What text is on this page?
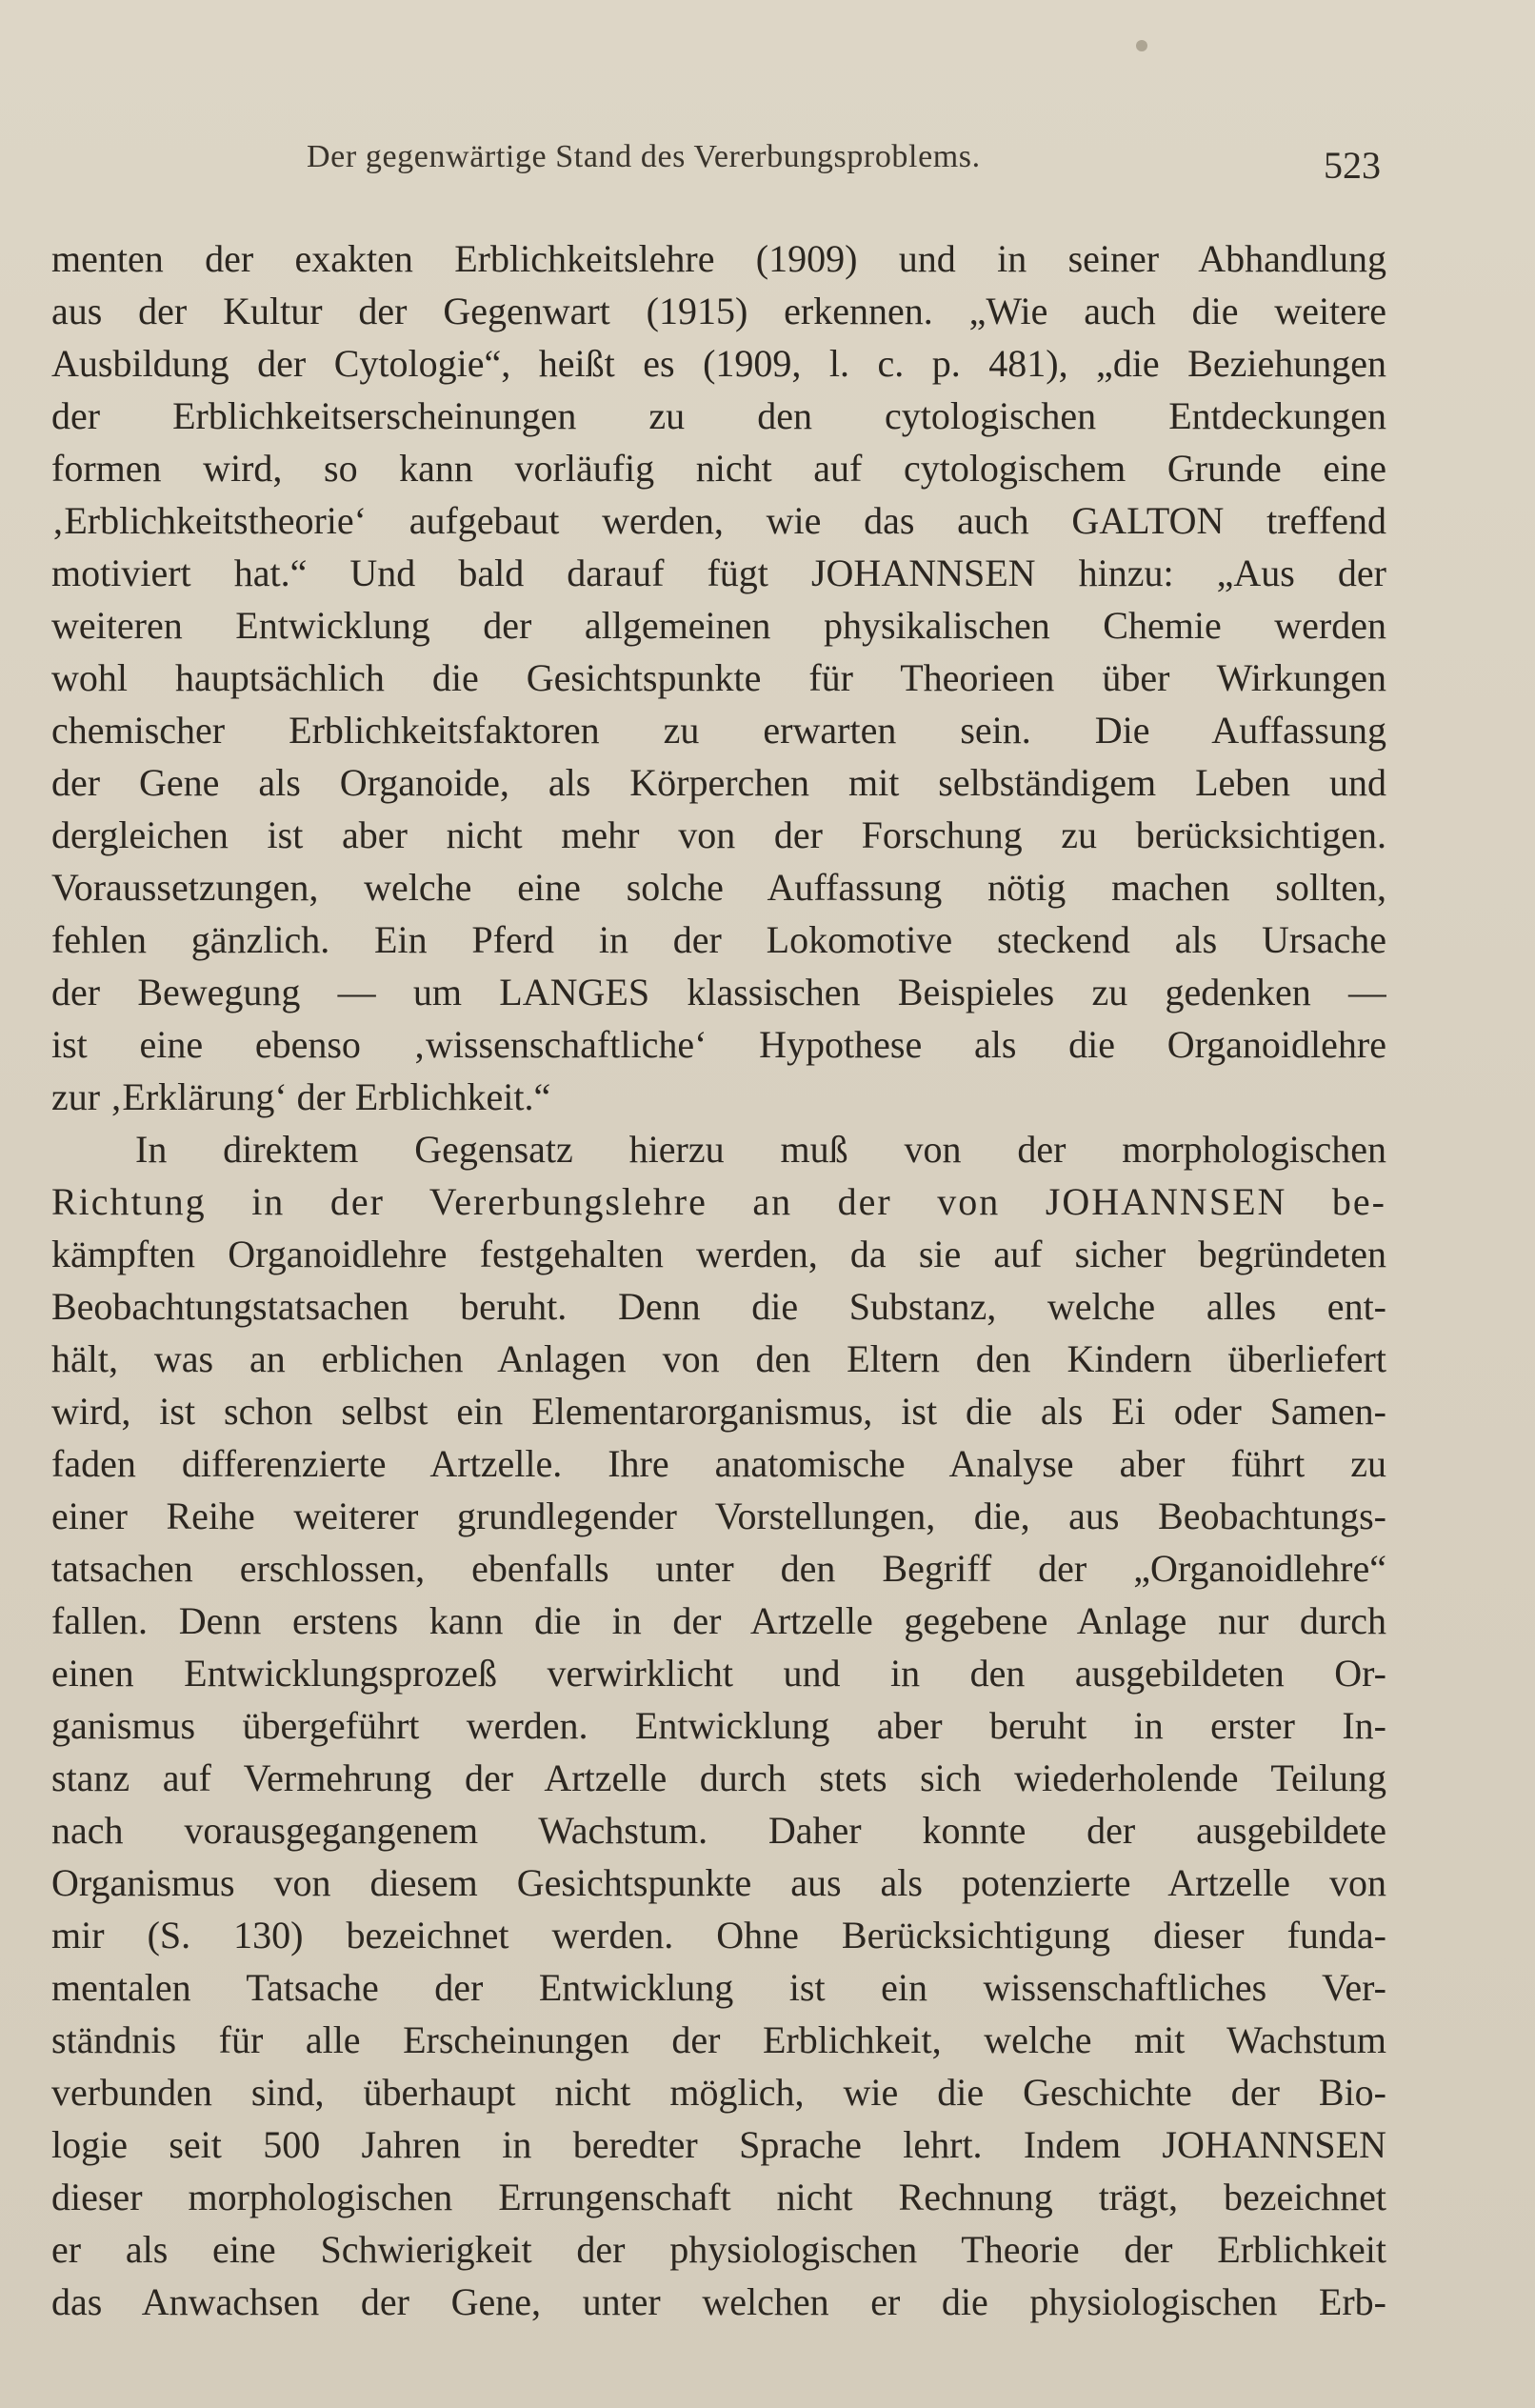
Der gegenwärtige Stand des Vererbungsproblems.	523
menten der exakten Erblichkeitslehre (1909) und in seiner Abhandlung
aus der Kultur der Gegenwart (1915) erkennen. „Wie auch die weitere
Ausbildung der Cytologie“, heißt es (1909, l. c. p. 481), „die Beziehungen
der Erblichkeitserscheinungen zu den cytologischen Entdeckungen
formen wird, so kann vorläufig nicht auf cytologischem Grunde eine
‚Erblichkeitstheorie‘ aufgebaut werden, wie das auch GALTON treffend
motiviert hat.“ Und bald darauf fügt JOHANNSEN hinzu: „Aus der
weiteren Entwicklung der allgemeinen physikalischen Chemie werden
wohl hauptsächlich die Gesichtspunkte für Theorieen über Wirkungen
chemischer Erblichkeitsfaktoren zu erwarten sein. Die Auffassung
der Gene als Organoide, als Körperchen mit selbständigem Leben und
dergleichen ist aber nicht mehr von der Forschung zu berücksichtigen.
Voraussetzungen, welche eine solche Auffassung nötig machen sollten,
fehlen gänzlich. Ein Pferd in der Lokomotive steckend als Ursache
der Bewegung — um LANGES klassischen Beispieles zu gedenken —
ist eine ebenso ‚wissenschaftliche‘ Hypothese als die Organoidlehre
zur ‚Erklärung‘ der Erblichkeit.“
In direktem Gegensatz hierzu muß von der morphologischen
Richtung in der Vererbungslehre an der von JOHANNSEN be-
kämpften Organoidlehre festgehalten werden, da sie auf sicher begründeten
Beobachtungstatsachen beruht. Denn die Substanz, welche alles ent-
hält, was an erblichen Anlagen von den Eltern den Kindern überliefert
wird, ist schon selbst ein Elementarorganismus, ist die als Ei oder Samen-
faden differenzierte Artzelle. Ihre anatomische Analyse aber führt zu
einer Reihe weiterer grundlegender Vorstellungen, die, aus Beobachtungs-
tatsachen erschlossen, ebenfalls unter den Begriff der „Organoidlehre“
fallen. Denn erstens kann die in der Artzelle gegebene Anlage nur durch
einen Entwicklungsprozeß verwirklicht und in den ausgebildeten Or-
ganismus übergeführt werden. Entwicklung aber beruht in erster In-
stanz auf Vermehrung der Artzelle durch stets sich wiederholende Teilung
nach vorausgegangenem Wachstum. Daher konnte der ausgebildete
Organismus von diesem Gesichtspunkte aus als potenzierte Artzelle von
mir (S. 130) bezeichnet werden. Ohne Berücksichtigung dieser funda-
mentalen Tatsache der Entwicklung ist ein wissenschaftliches Ver-
ständnis für alle Erscheinungen der Erblichkeit, welche mit Wachstum
verbunden sind, überhaupt nicht möglich, wie die Geschichte der Bio-
logie seit 500 Jahren in beredter Sprache lehrt. Indem JOHANNSEN
dieser morphologischen Errungenschaft nicht Rechnung trägt, bezeichnet
er als eine Schwierigkeit der physiologischen Theorie der Erblichkeit
das Anwachsen der Gene, unter welchen er die physiologischen Erb-
